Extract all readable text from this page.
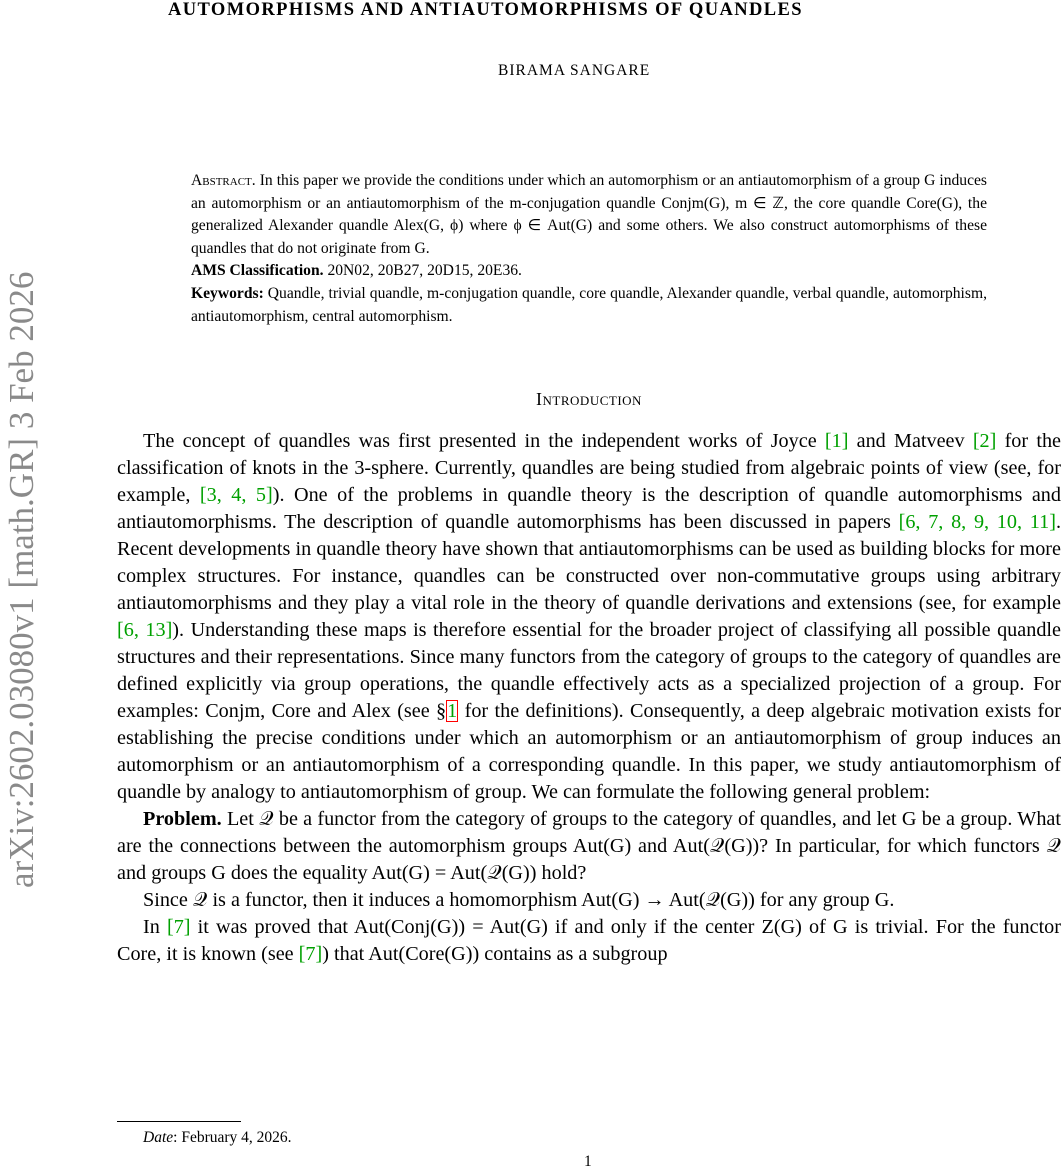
arXiv:2602.03080v1 [math.GR] 3 Feb 2026
AUTOMORPHISMS AND ANTIAUTOMORPHISMS OF QUANDLES
BIRAMA SANGARE

Abstract. In this paper we provide the conditions under which an automorphism or an antiautomorphism of a group G induces an automorphism or an antiautomorphism of the m-conjugation quandle Conjm(G), m ∈ ℤ, the core quandle Core(G), the generalized Alexander quandle Alex(G, ϕ) where ϕ ∈ Aut(G) and some others. We also construct automorphisms of these quandles that do not originate from G.

AMS Classification. 20N02, 20B27, 20D15, 20E36.

Keywords: Quandle, trivial quandle, m-conjugation quandle, core quandle, Alexander quandle, verbal quandle, automorphism, antiautomorphism, central automorphism.

Introduction

The concept of quandles was first presented in the independent works of Joyce [1] and Matveev [2] for the classification of knots in the 3-sphere. Currently, quandles are being studied from algebraic points of view (see, for example, [3, 4, 5]). One of the problems in quandle theory is the description of quandle automorphisms and antiautomorphisms. The description of quandle automorphisms has been discussed in papers [6, 7, 8, 9, 10, 11]. Recent developments in quandle theory have shown that antiautomorphisms can be used as building blocks for more complex structures. For instance, quandles can be constructed over non-commutative groups using arbitrary antiautomorphisms and they play a vital role in the theory of quandle derivations and extensions (see, for example [6, 13]). Understanding these maps is therefore essential for the broader project of classifying all possible quandle structures and their representations. Since many functors from the category of groups to the category of quandles are defined explicitly via group operations, the quandle effectively acts as a specialized projection of a group. For examples: Conjm, Core and Alex (see §1 for the definitions). Consequently, a deep algebraic motivation exists for establishing the precise conditions under which an automorphism or an antiautomorphism of group induces an automorphism or an antiautomorphism of a corresponding quandle. In this paper, we study antiautomorphism of quandle by analogy to antiautomorphism of group. We can formulate the following general problem:

Problem. Let 𝒬 be a functor from the category of groups to the category of quandles, and let G be a group. What are the connections between the automorphism groups Aut(G) and Aut(𝒬(G))? In particular, for which functors 𝒬 and groups G does the equality Aut(G) = Aut(𝒬(G)) hold?

Since 𝒬 is a functor, then it induces a homomorphism Aut(G) → Aut(𝒬(G)) for any group G.

In [7] it was proved that Aut(Conj(G)) = Aut(G) if and only if the center Z(G) of G is trivial. For the functor Core, it is known (see [7]) that Aut(Core(G)) contains as a subgroup

Date: February 4, 2026.
1
